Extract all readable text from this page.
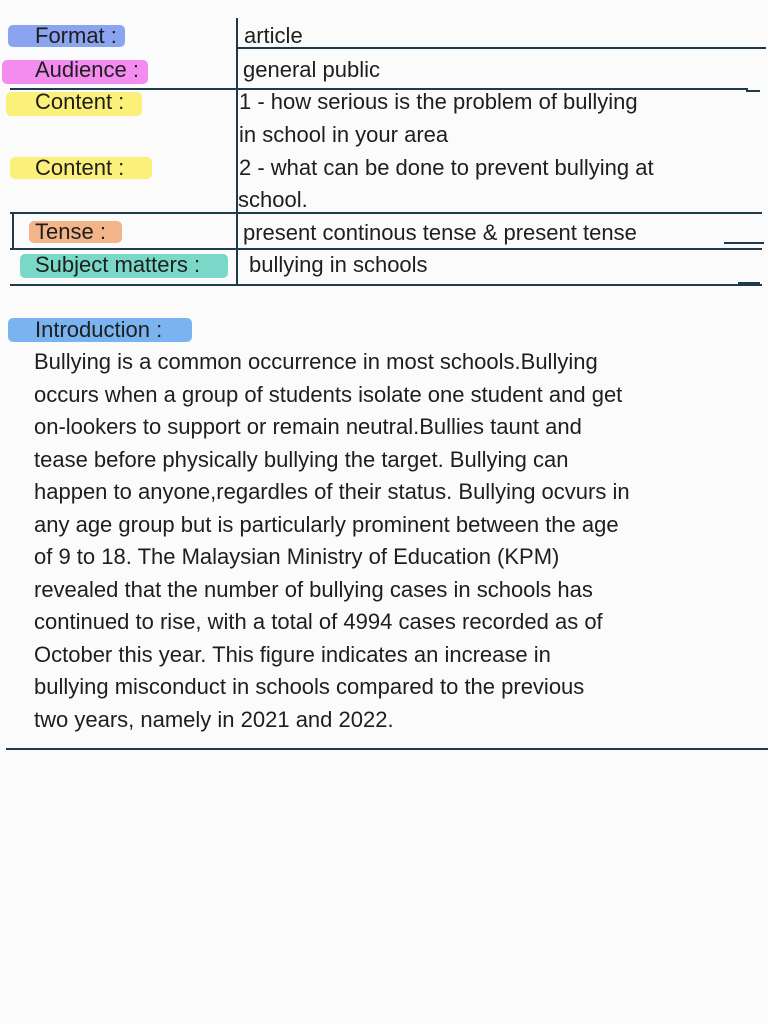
Format :	article
Audience :	general public
Content :	1 - how serious is the problem of bullying
in school in your area
Content :	2 - what can be done to prevent bullying at
school.
Tense :	present continous tense & present tense
Subject matters : bullying in schools
Introduction :
Bullying is a common occurrence in most schools.Bullying
occurs when a group of students isolate one student and get
on-lookers to support or remain neutral.Bullies taunt and
tease before physically bullying the target. Bullying can
happen to anyone,regardles of their status. Bullying ocvurs in
any age group but is particularly prominent between the age
of 9 to 18. The Malaysian Ministry of Education (KPM)
revealed that the number of bullying cases in schools has
continued to rise, with a total of 4994 cases recorded as of
October this year. This figure indicates an increase in
bullying misconduct in schools compared to the previous
two years, namely in 2021 and 2022.
